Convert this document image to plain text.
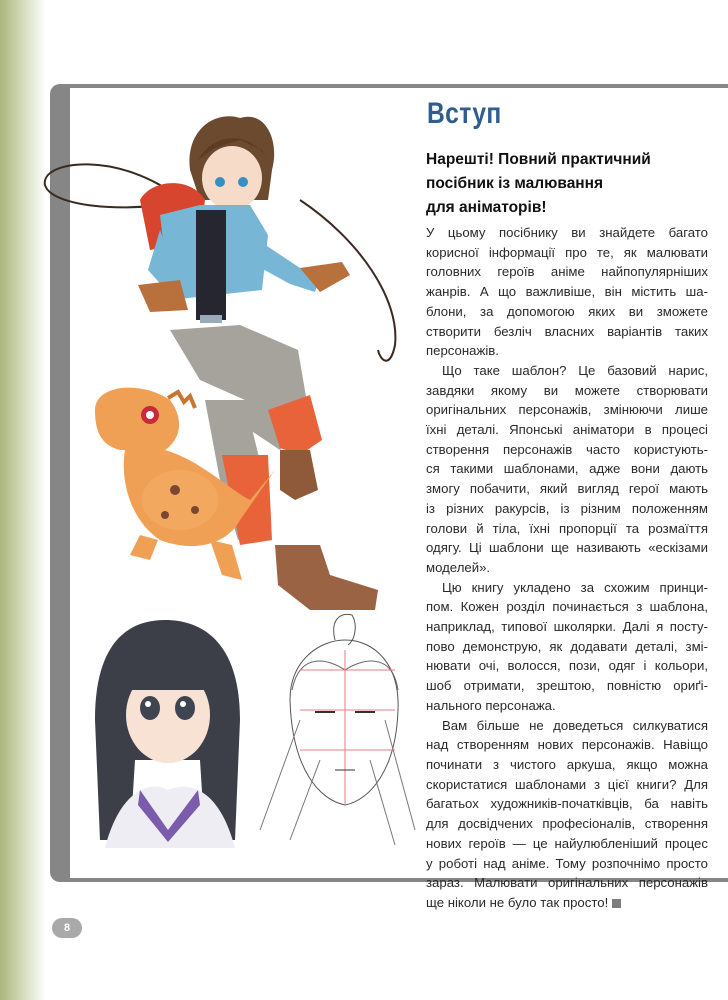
Вступ

Нарешті! Повний практичний
посібник із малювання
для аніматорів!

У цьому посібнику ви знайдете багато
корисної інформації про те, як малювати
головних героїв аніме найпопулярніших
жанрів. А що важливіше, він містить ша-
блони, за допомогою яких ви зможете
створити безліч власних варіантів таких
персонажів.
Що таке шаблон? Це базовий нарис,
завдяки якому ви можете створювати
оригінальних персонажів, змінюючи лише
їхні деталі. Японські аніматори в процесі
створення персонажів часто користують-
ся такими шаблонами, адже вони дають
змогу побачити, який вигляд герої мають
із різних ракурсів, із різним положенням
голови й тіла, їхні пропорції та розмаїття
одягу. Ці шаблони ще називають «ескізами
моделей».
Цю книгу укладено за схожим принци-
пом. Кожен розділ починається з шаблона,
наприклад, типової школярки. Далі я посту-
пово демонструю, як додавати деталі, змі-
нювати очі, волосся, пози, одяг і кольори,
шоб отримати, зрештою, повністю ориґі-
нального персонажа.
Вам більше не доведеться силкуватися
над створенням нових персонажів. Навіщо
починати з чистого аркуша, якщо можна
скористатися шаблонами з цієї книги? Для
багатьох художників-початківців, ба навіть
для досвідчених професіоналів, створення
нових героїв — це найулюбленіший процес
у роботі над аніме. Тому розпочнімо просто
зараз. Малювати оригінальних персонажів
ще ніколи не було так просто!
8
